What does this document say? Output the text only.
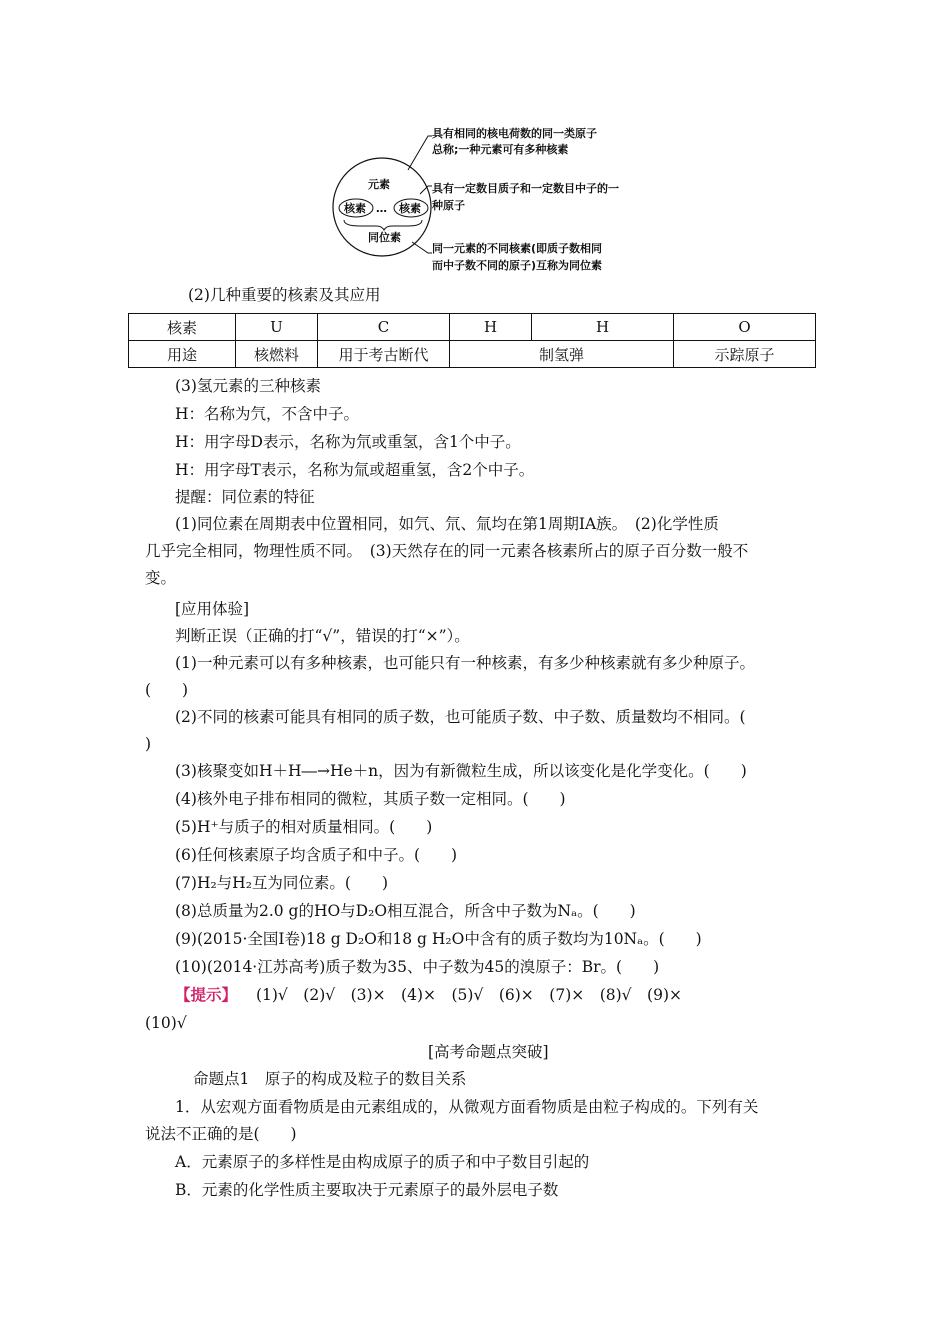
元素
核素 … 核素
同位素
具有相同的核电荷数的同一类原子
总称;一种元素可有多种核素
具有一定数目质子和一定数目中子的一
种原子
同一元素的不同核素(即质子数相同
而中子数不同的原子)互称为同位素
(2)几种重要的核素及其应用
核素	U	C	H	H	O
用途	核燃料	用于考古断代	制氢弹		示踪原子
(3)氢元素的三种核素
H：名称为氕，不含中子。
H：用字母D表示，名称为氘或重氢，含1个中子。
H：用字母T表示，名称为氚或超重氢，含2个中子。
提醒：同位素的特征
(1)同位素在周期表中位置相同，如氕、氘、氚均在第1周期ⅠA族。　(2)化学性质
几乎完全相同，物理性质不同。　(3)天然存在的同一元素各核素所占的原子百分数一般不
变。
[应用体验]
判断正误（正确的打“√”，错误的打“×”）。
(1)一种元素可以有多种核素，也可能只有一种核素，有多少种核素就有多少种原子。
(　　)
(2)不同的核素可能具有相同的质子数，也可能质子数、中子数、质量数均不相同。(
)
(3)核聚变如H＋H―→He＋n，因为有新微粒生成，所以该变化是化学变化。(　　)
(4)核外电子排布相同的微粒，其质子数一定相同。(　　)
(5)H⁺与质子的相对质量相同。(　　)
(6)任何核素原子均含质子和中子。(　　)
(7)H₂与H₂互为同位素。(　　)
(8)总质量为2.0 g的HO与D₂O相互混合，所含中子数为Nₐ。(　　)
(9)(2015·全国Ⅰ卷)18 g D₂O和18 g H₂O中含有的质子数均为10Nₐ。(　　)
(10)(2014·江苏高考)质子数为35、中子数为45的溴原子：Br。(　　)
【提示】 (1)√　(2)√　(3)×　(4)×　(5)√　(6)×　(7)×　(8)√　(9)×
(10)√
[高考命题点突破]
命题点1　原子的构成及粒子的数目关系
1．从宏观方面看物质是由元素组成的，从微观方面看物质是由粒子构成的。下列有关
说法不正确的是(　　)
A．元素原子的多样性是由构成原子的质子和中子数目引起的
B．元素的化学性质主要取决于元素原子的最外层电子数
